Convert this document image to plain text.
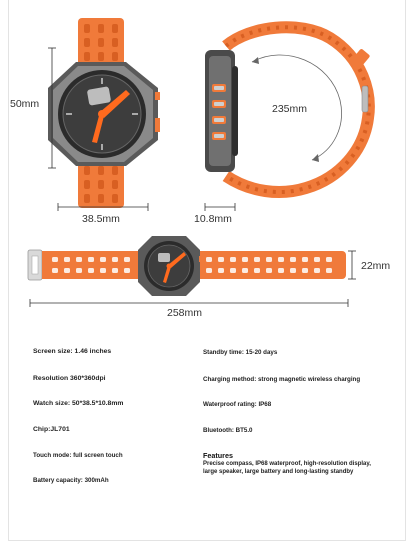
50mm
38.5mm	10.8mm
235mm
22mm
258mm
Screen size: 1.46 inches
Resolution 360*360dpi
Watch size: 50*38.5*10.8mm
Chip:JL701
Touch mode: full screen touch
Battery capacity: 300mAh
Standby time: 15-20 days
Charging method: strong magnetic wireless charging
Waterproof rating: IP68
Bluetooth: BT5.0
Features
Precise compass, IP68 waterproof, high-resolution display, large speaker, large battery and long-lasting standby
